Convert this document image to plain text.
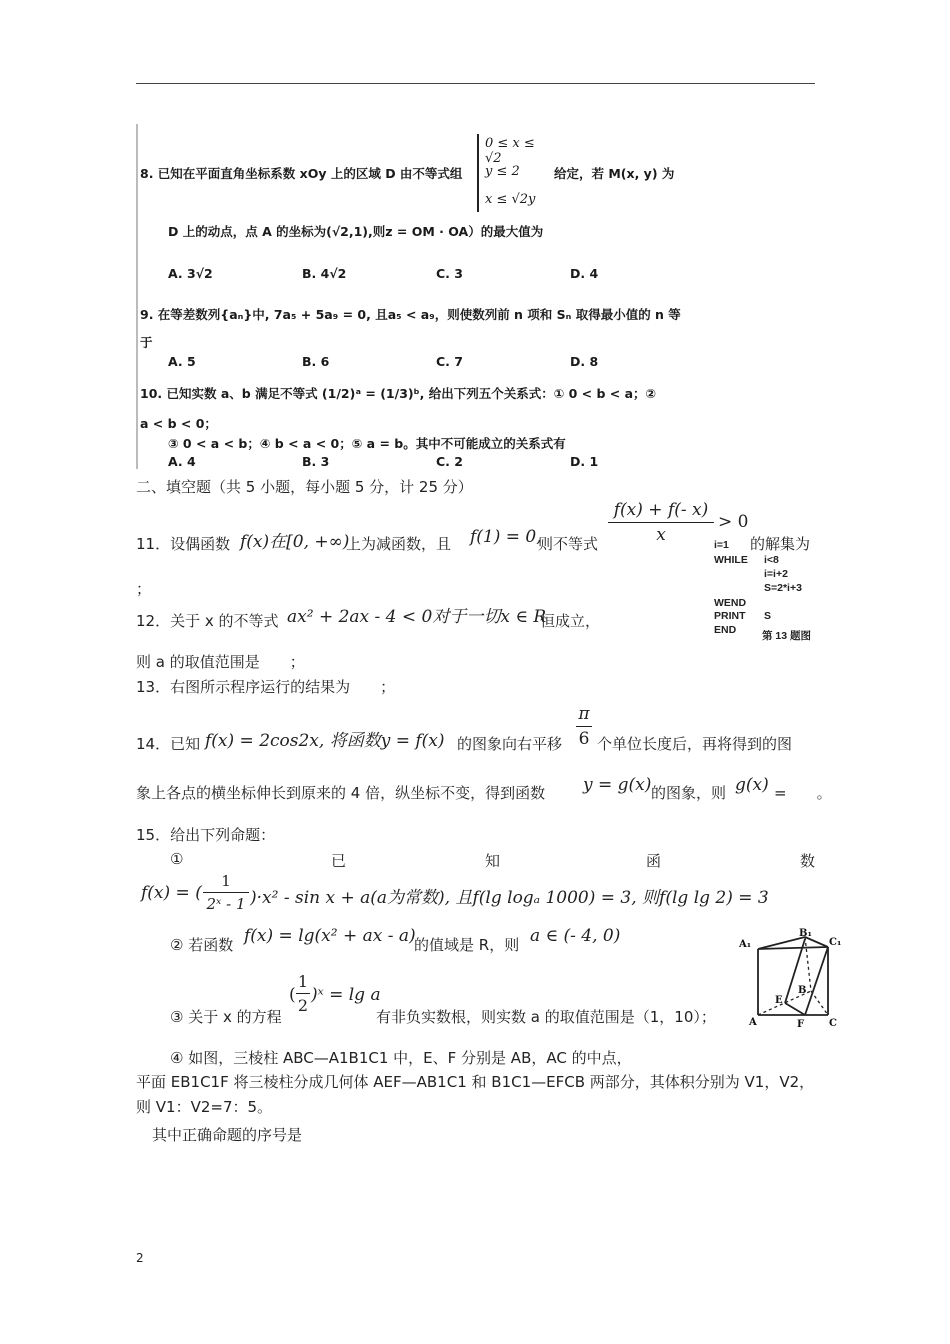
8. 已知在平面直角坐标系数 xOy 上的区域 D 由不等式组
0 ≤ x ≤ √2
y ≤ 2
x ≤ √2y
给定，若 M(x, y) 为
D 上的动点，点 A 的坐标为(√2,1),则z = OM · OA）的最大值为
A. 3√2	B. 4√2	C. 3	D. 4
9. 在等差数列{aₙ}中, 7a₅ + 5a₉ = 0, 且a₅ < a₉，则使数列前 n 项和 Sₙ 取得最小值的 n 等
于
A. 5	B. 6	C. 7	D. 8
10. 已知实数 a、b 满足不等式 (1/2)ᵃ = (1/3)ᵇ, 给出下列五个关系式：① 0 < b < a；②
a < b < 0；
③ 0 < a < b；④ b < a < 0；⑤ a = b。其中不可能成立的关系式有
A. 4	B. 3	C. 2	D. 1
二、填空题（共 5 小题，每小题 5 分，计 25 分）
11．设偶函数 f(x)在[0, +∞)
上为减函数，且 f(1) = 0,
则不等式
f(x) + f(- x)
x
> 0
的解集为
；
i=1
WHILE i<8
i=i+2
S=2*i+3
WEND
PRINT S
END 第 13 题图
12．关于 x 的不等式 ax² + 2ax - 4 < 0对于一切x ∈ R
恒成立，
则 a 的取值范围是　　；
13．右图所示程序运行的结果为　　；
14．已知 f(x) = 2cos2x, 将函数y = f(x) 的图象向右平移
π
6 个单位长度后，再将得到的图
象上各点的横坐标伸长到原来的 4 倍，纵坐标不变，得到函数 y = g(x) 的图象，则 g(x) =　　。
15．给出下列命题：
①	已	知	函	数
f(x) = (
1
2ˣ - 1 )·x² - sin x + a(a为常数), 且f(lg logₐ 1000) = 3, 则f(lg lg 2) = 3
② 若函数 f(x) = lg(x² + ax - a)
的值域是 R，则 a ∈ (- 4, 0)
③ 关于 x 的方程
(
1
2
)ˣ = lg a
有非负实数根，则实数 a 的取值范围是（1，10）；
B₁
A₁	C₁
E
B
A	F C
④ 如图，三棱柱 ABC—A1B1C1 中，E、F 分别是 AB，AC 的中点，
平面 EB1C1F 将三棱柱分成几何体 AEF—AB1C1 和 B1C1—EFCB 两部分，其体积分别为 V1，V2，
则 V1：V2=7：5。
其中正确命题的序号是
2
